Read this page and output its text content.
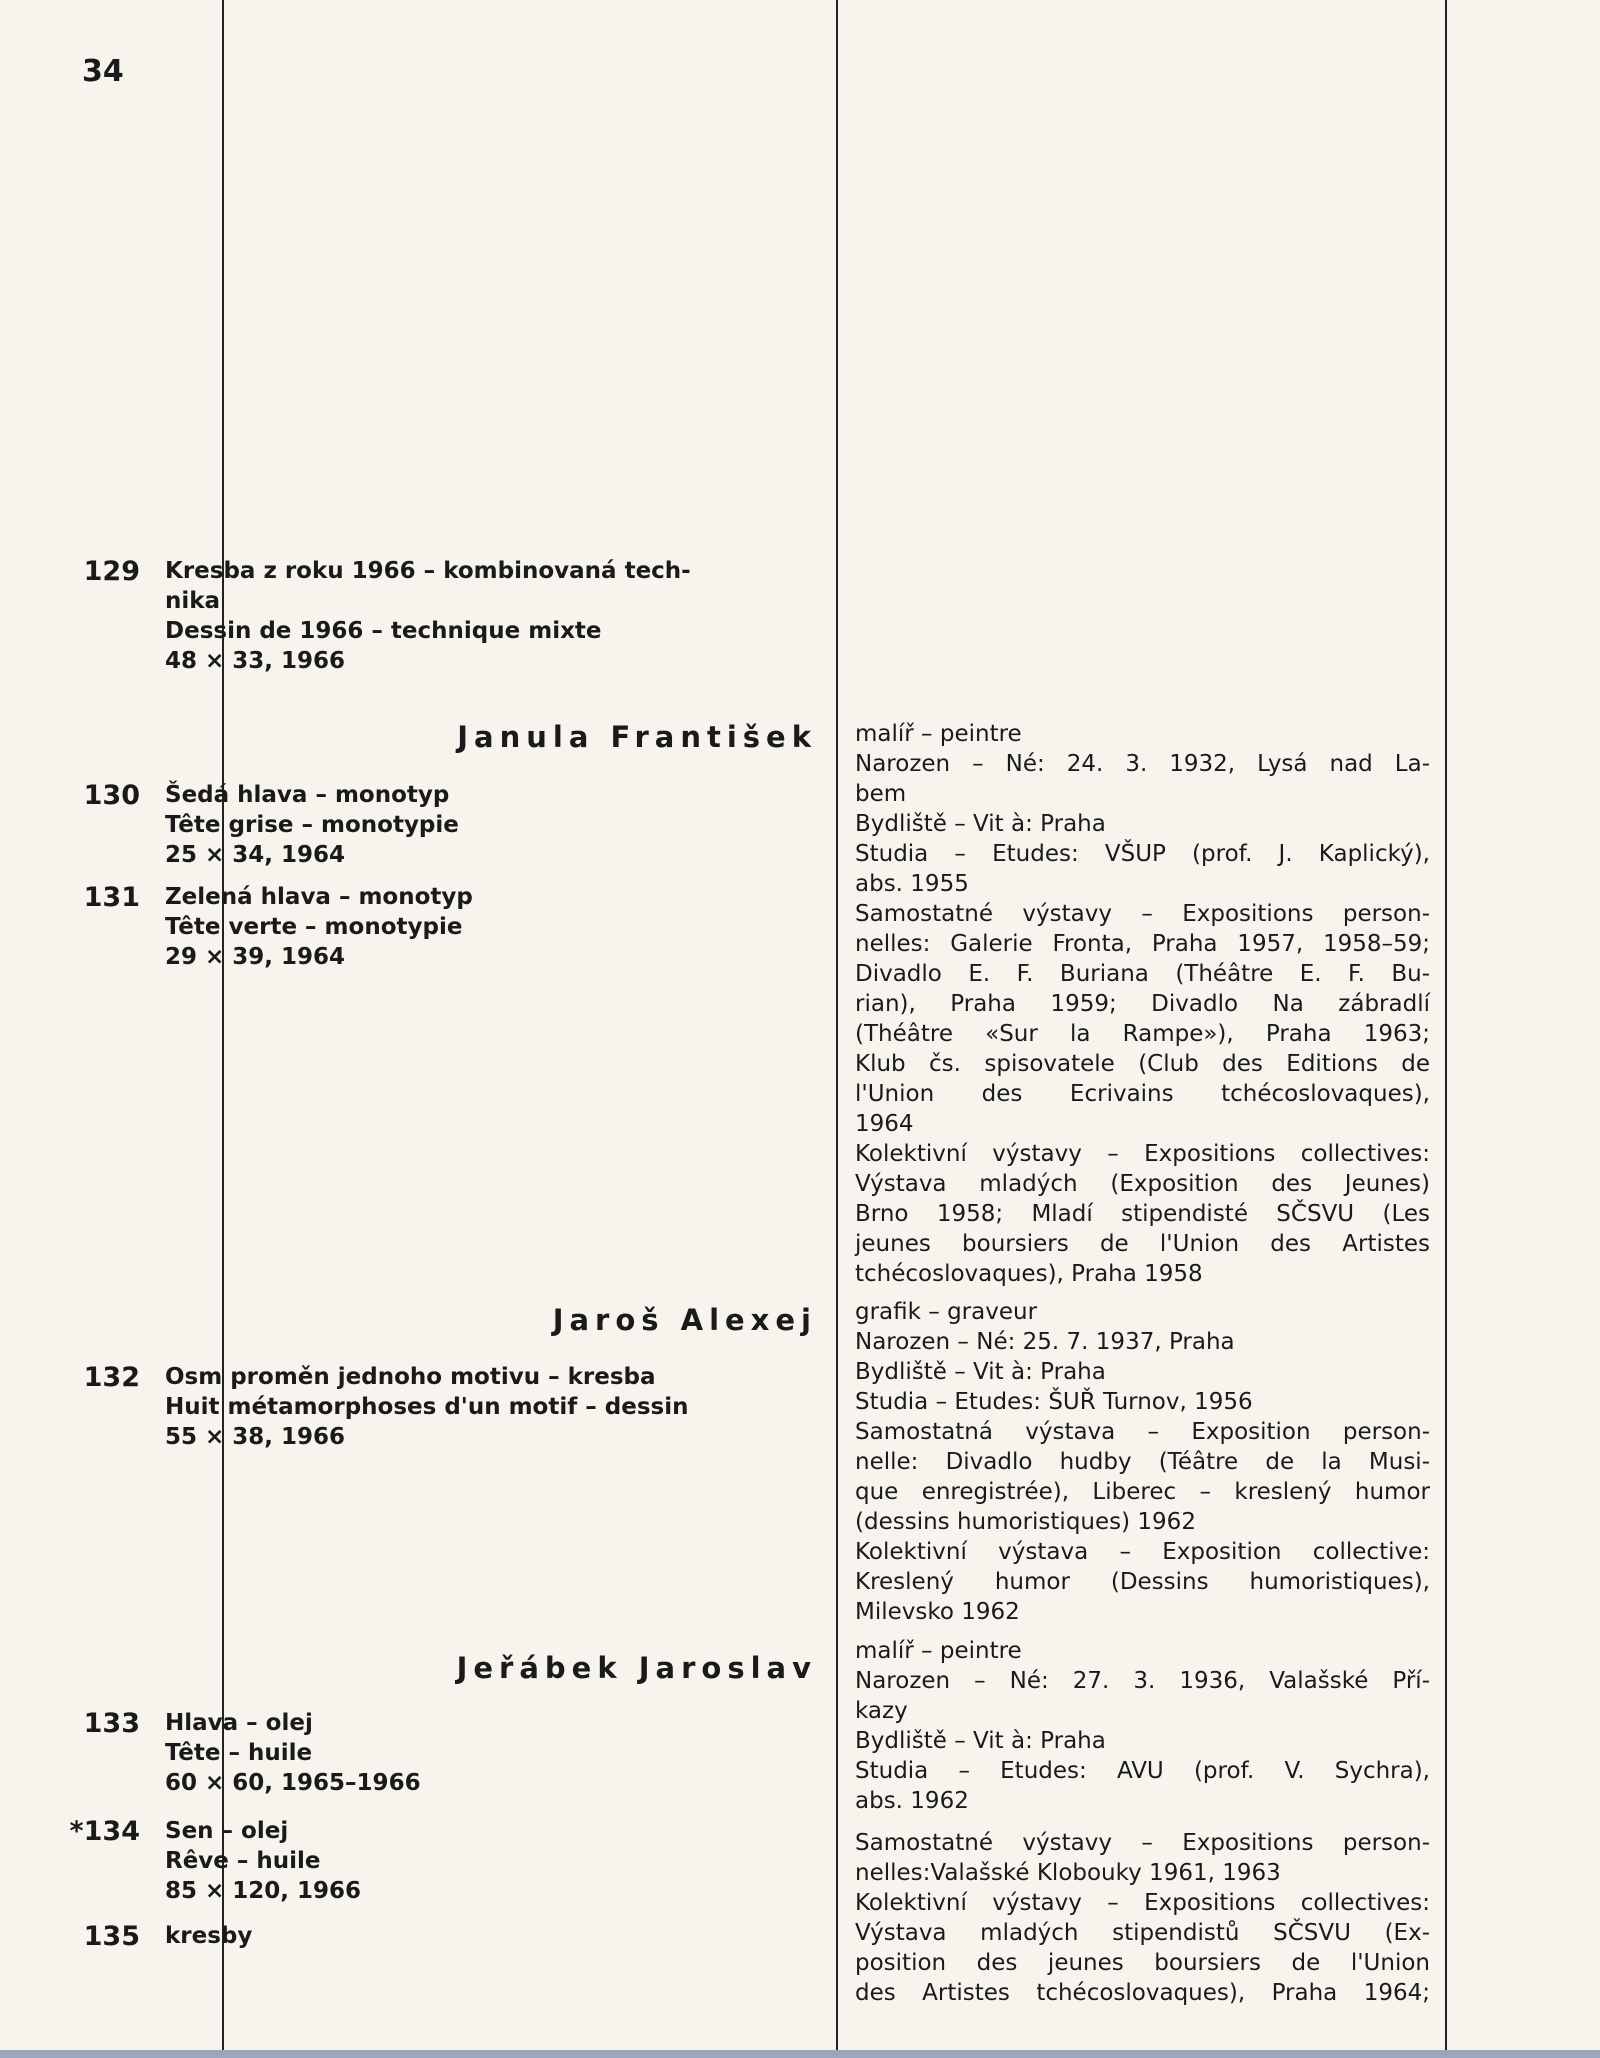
34
129 Kresba z roku 1966 – kombinovaná tech-
nika
Dessin de 1966 – technique mixte
48 × 33, 1966
Janula František malíř – peintre
Narozen – Né: 24. 3. 1932, Lysá nad La-
bem
Bydliště – Vit à: Praha
Studia – Etudes: VŠUP (prof. J. Kaplický),
abs. 1955
Samostatné výstavy – Expositions person-
nelles: Galerie Fronta, Praha 1957, 1958–59;
Divadlo E. F. Buriana (Théâtre E. F. Bu-
rian), Praha 1959; Divadlo Na zábradlí
(Théâtre «Sur la Rampe»), Praha 1963;
Klub čs. spisovatele (Club des Editions de
l'Union des Ecrivains tchécoslovaques),
1964
Kolektivní výstavy – Expositions collectives:
Výstava mladých (Exposition des Jeunes)
Brno 1958; Mladí stipendisté SČSVU (Les
jeunes boursiers de l'Union des Artistes
tchécoslovaques), Praha 1958
130 Šedá hlava – monotyp
Tête grise – monotypie
25 × 34, 1964
131 Zelená hlava – monotyp
Tête verte – monotypie
29 × 39, 1964
Jaroš Alexej grafik – graveur
Narozen – Né: 25. 7. 1937, Praha
Bydliště – Vit à: Praha
Studia – Etudes: ŠUŘ Turnov, 1956
Samostatná výstava – Exposition person-
nelle: Divadlo hudby (Téâtre de la Musi-
que enregistrée), Liberec – kreslený humor
(dessins humoristiques) 1962
Kolektivní výstava – Exposition collective:
Kreslený humor (Dessins humoristiques),
Milevsko 1962
132 Osm proměn jednoho motivu – kresba
Huit métamorphoses d'un motif – dessin
55 × 38, 1966
Jeřábek Jaroslav malíř – peintre
Narozen – Né: 27. 3. 1936, Valašské Pří-
kazy
Bydliště – Vit à: Praha
Studia – Etudes: AVU (prof. V. Sychra),
abs. 1962
Samostatné výstavy – Expositions person-
nelles:Valašské Klobouky 1961, 1963
Kolektivní výstavy – Expositions collectives:
Výstava mladých stipendistů SČSVU (Ex-
position des jeunes boursiers de l'Union
des Artistes tchécoslovaques), Praha 1964;
133 Hlava – olej
Tête – huile
60 × 60, 1965–1966
*134 Sen – olej
Rêve – huile
85 × 120, 1966
135 kresby
